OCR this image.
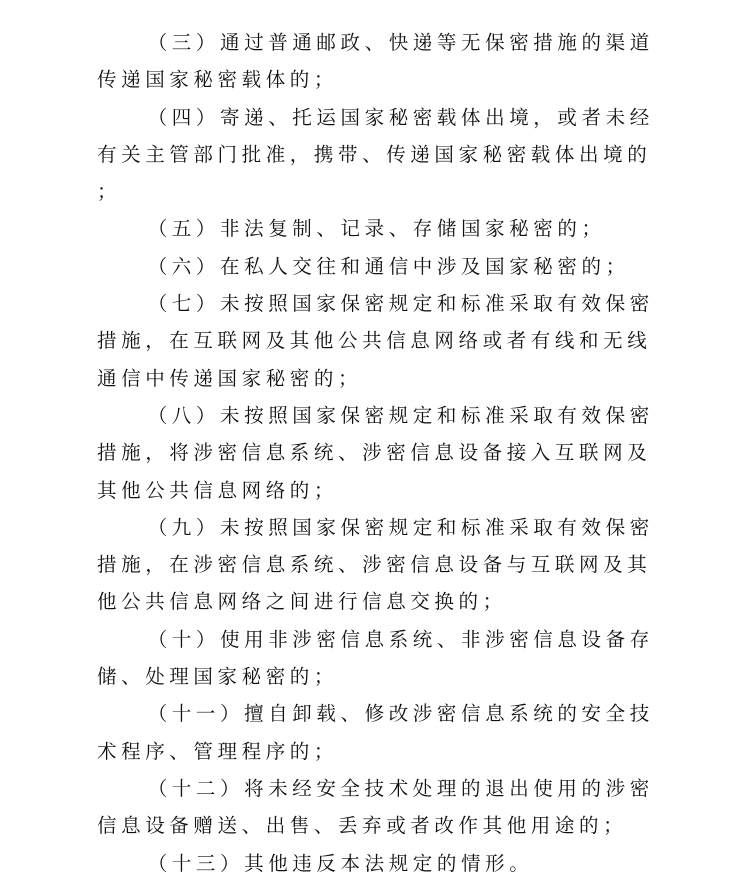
（三）通过普通邮政、快递等无保密措施的渠道传递国家秘密载体的；

（四）寄递、托运国家秘密载体出境，或者未经有关主管部门批准，携带、传递国家秘密载体出境的；

（五）非法复制、记录、存储国家秘密的；

（六）在私人交往和通信中涉及国家秘密的；

（七）未按照国家保密规定和标准采取有效保密措施，在互联网及其他公共信息网络或者有线和无线通信中传递国家秘密的；

（八）未按照国家保密规定和标准采取有效保密措施，将涉密信息系统、涉密信息设备接入互联网及其他公共信息网络的；

（九）未按照国家保密规定和标准采取有效保密措施，在涉密信息系统、涉密信息设备与互联网及其他公共信息网络之间进行信息交换的；

（十）使用非涉密信息系统、非涉密信息设备存储、处理国家秘密的；

（十一）擅自卸载、修改涉密信息系统的安全技术程序、管理程序的；

（十二）将未经安全技术处理的退出使用的涉密信息设备赠送、出售、丢弃或者改作其他用途的；

（十三）其他违反本法规定的情形。
